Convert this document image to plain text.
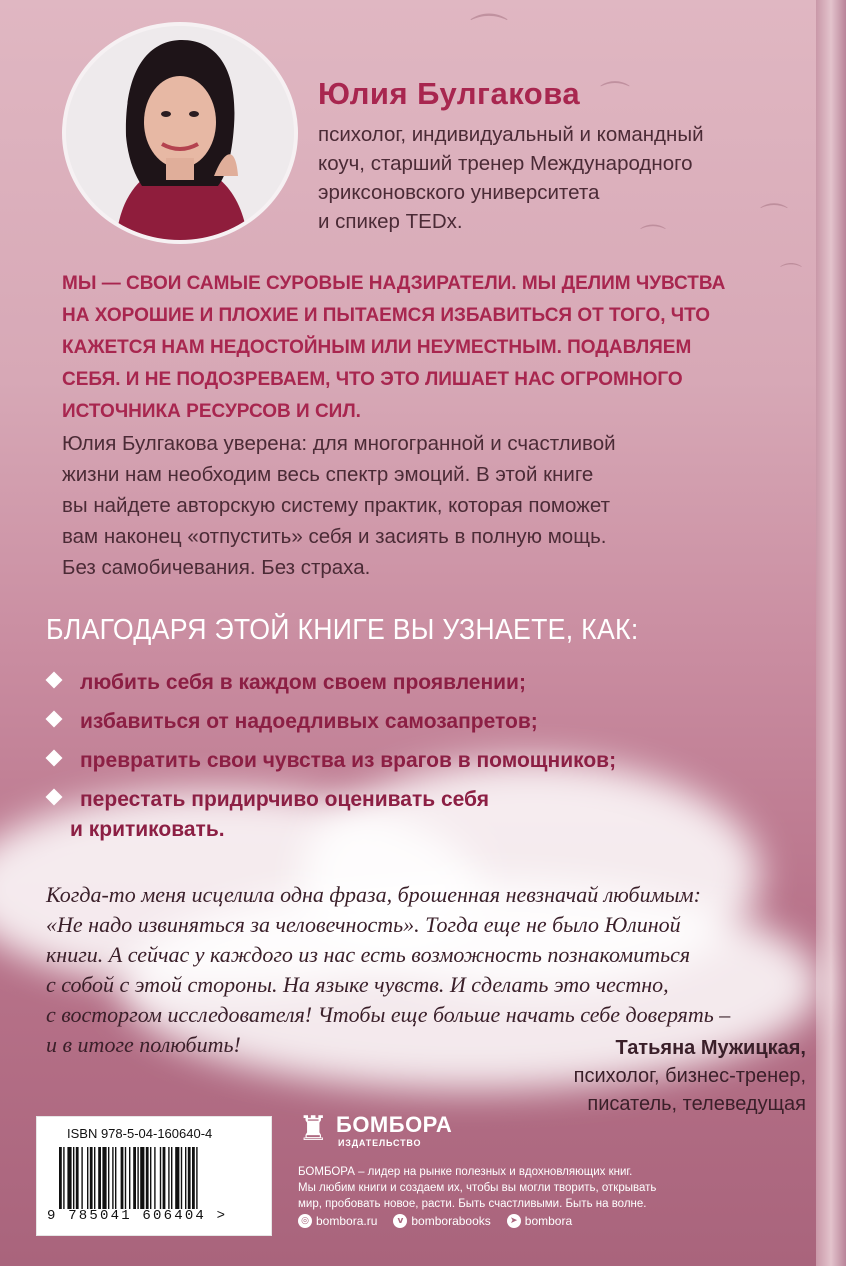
⌒
⌒
⌒
⌒
⌒
Юлия Булгакова
психолог, индивидуальный и командный
коуч, старший тренер Международного
эриксоновского университета
и спикер TEDx.

МЫ — СВОИ САМЫЕ СУРОВЫЕ НАДЗИРАТЕЛИ. МЫ ДЕЛИМ ЧУВСТВА

НА ХОРОШИЕ И ПЛОХИЕ И ПЫТАЕМСЯ ИЗБАВИТЬСЯ ОТ ТОГО, ЧТО

КАЖЕТСЯ НАМ НЕДОСТОЙНЫМ ИЛИ НЕУМЕСТНЫМ. ПОДАВЛЯЕМ

СЕБЯ. И НЕ ПОДОЗРЕВАЕМ, ЧТО ЭТО ЛИШАЕТ НАС ОГРОМНОГО

ИСТОЧНИКА РЕСУРСОВ И СИЛ.

Юлия Булгакова уверена: для многогранной и счастливой

жизни нам необходим весь спектр эмоций. В этой книге

вы найдете авторскую систему практик, которая поможет

вам наконец «отпустить» себя и засиять в полную мощь.

Без самобичевания. Без страха.

БЛАГОДАРЯ ЭТОЙ КНИГЕ ВЫ УЗНАЕТЕ, КАК:
любить себя в каждом своем проявлении;
избавиться от надоедливых самозапретов;
превратить свои чувства из врагов в помощников;
перестать придирчиво оценивать себя
и критиковать.

Когда-то меня исцелила одна фраза, брошенная невзначай любимым:

«Не надо извиняться за человечность». Тогда еще не было Юлиной

книги. А сейчас у каждого из нас есть возможность познакомиться

с собой с этой стороны. На языке чувств. И сделать это честно,

с восторгом исследователя! Чтобы еще больше начать себе доверять –

и в итоге полюбить!	Татьяна Мужицкая,
психолог, бизнес-тренер,
писатель, телеведущая
ISBN 978-5-04-160640-4
9 785041 606404 >
♜ БОМБОРА
ИЗДАТЕЛЬСТВО

БОМБОРА – лидер на рынке полезных и вдохновляющих книг.

Мы любим книги и создаем их, чтобы вы могли творить, открывать

мир, пробовать новое, расти. Быть счастливыми. Быть на волне.

◎ bombora.ru	v bomborabooks	➤ bombora
